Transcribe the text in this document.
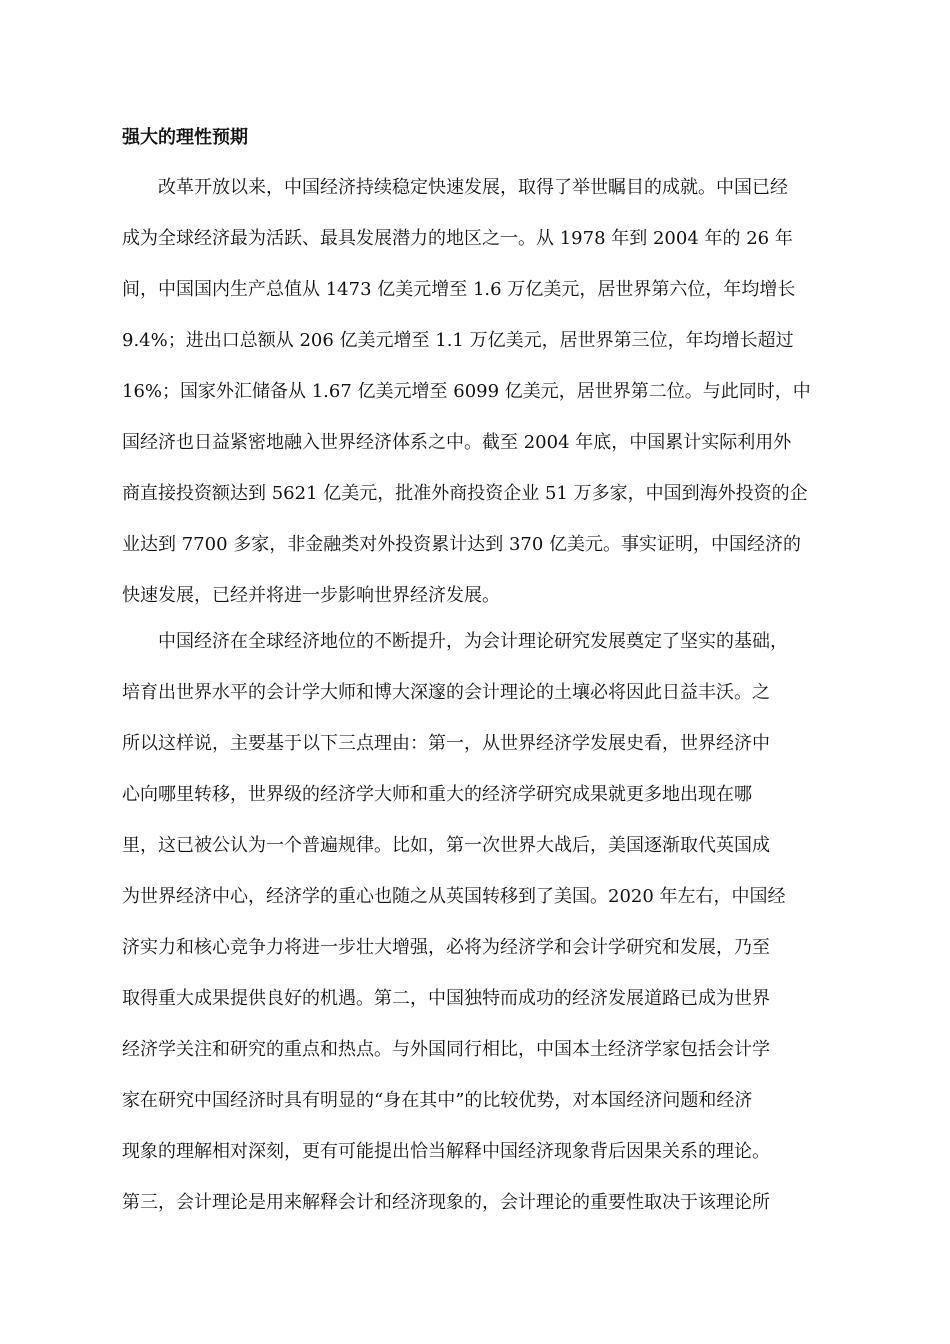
强大的理性预期

改革开放以来，中国经济持续稳定快速发展，取得了举世瞩目的成就。中国已经

成为全球经济最为活跃、最具发展潜力的地区之一。从 1978 年到 2004 年的 26 年

间，中国国内生产总值从 1473 亿美元增至 1.6 万亿美元，居世界第六位，年均增长

9.4%；进出口总额从 206 亿美元增至 1.1 万亿美元，居世界第三位，年均增长超过

16%；国家外汇储备从 1.67 亿美元增至 6099 亿美元，居世界第二位。与此同时，中

国经济也日益紧密地融入世界经济体系之中。截至 2004 年底，中国累计实际利用外

商直接投资额达到 5621 亿美元，批准外商投资企业 51 万多家，中国到海外投资的企

业达到 7700 多家，非金融类对外投资累计达到 370 亿美元。事实证明，中国经济的

快速发展，已经并将进一步影响世界经济发展。

中国经济在全球经济地位的不断提升，为会计理论研究发展奠定了坚实的基础，

培育出世界水平的会计学大师和博大深邃的会计理论的土壤必将因此日益丰沃。之

所以这样说，主要基于以下三点理由：第一，从世界经济学发展史看，世界经济中

心向哪里转移，世界级的经济学大师和重大的经济学研究成果就更多地出现在哪

里，这已被公认为一个普遍规律。比如，第一次世界大战后，美国逐渐取代英国成

为世界经济中心，经济学的重心也随之从英国转移到了美国。2020 年左右，中国经

济实力和核心竞争力将进一步壮大增强，必将为经济学和会计学研究和发展，乃至

取得重大成果提供良好的机遇。第二，中国独特而成功的经济发展道路已成为世界

经济学关注和研究的重点和热点。与外国同行相比，中国本土经济学家包括会计学

家在研究中国经济时具有明显的“身在其中”的比较优势，对本国经济问题和经济

现象的理解相对深刻，更有可能提出恰当解释中国经济现象背后因果关系的理论。

第三，会计理论是用来解释会计和经济现象的，会计理论的重要性取决于该理论所
